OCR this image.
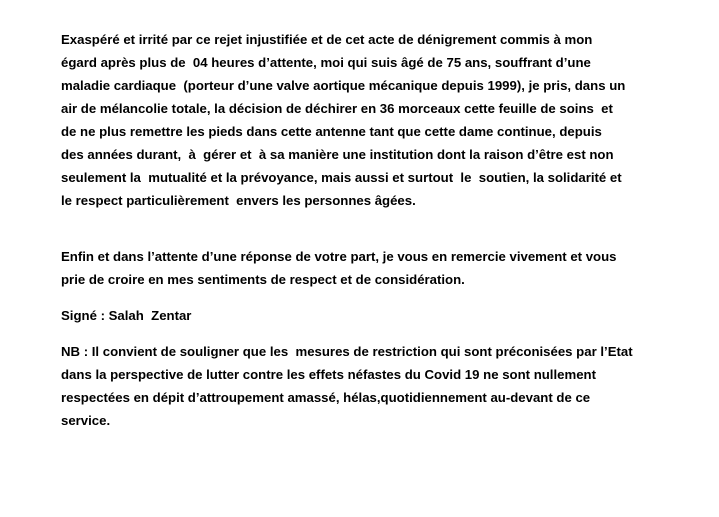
Exaspéré et irrité par ce rejet injustifiée et de cet acte de dénigrement commis à mon
égard après plus de  04 heures d’attente, moi qui suis âgé de 75 ans, souffrant d’une
maladie cardiaque  (porteur d’une valve aortique mécanique depuis 1999), je pris, dans un
air de mélancolie totale, la décision de déchirer en 36 morceaux cette feuille de soins  et
de ne plus remettre les pieds dans cette antenne tant que cette dame continue, depuis
des années durant,  à  gérer et  à sa manière une institution dont la raison d’être est non
seulement la  mutualité et la prévoyance, mais aussi et surtout  le  soutien, la solidarité et
le respect particulièrement  envers les personnes âgées.
Enfin et dans l’attente d’une réponse de votre part, je vous en remercie vivement et vous
prie de croire en mes sentiments de respect et de considération.
Signé : Salah  Zentar
NB : Il convient de souligner que les  mesures de restriction qui sont préconisées par l’Etat
dans la perspective de lutter contre les effets néfastes du Covid 19 ne sont nullement
respectées en dépit d’attroupement amassé, hélas,quotidiennement au-devant de ce
service.
